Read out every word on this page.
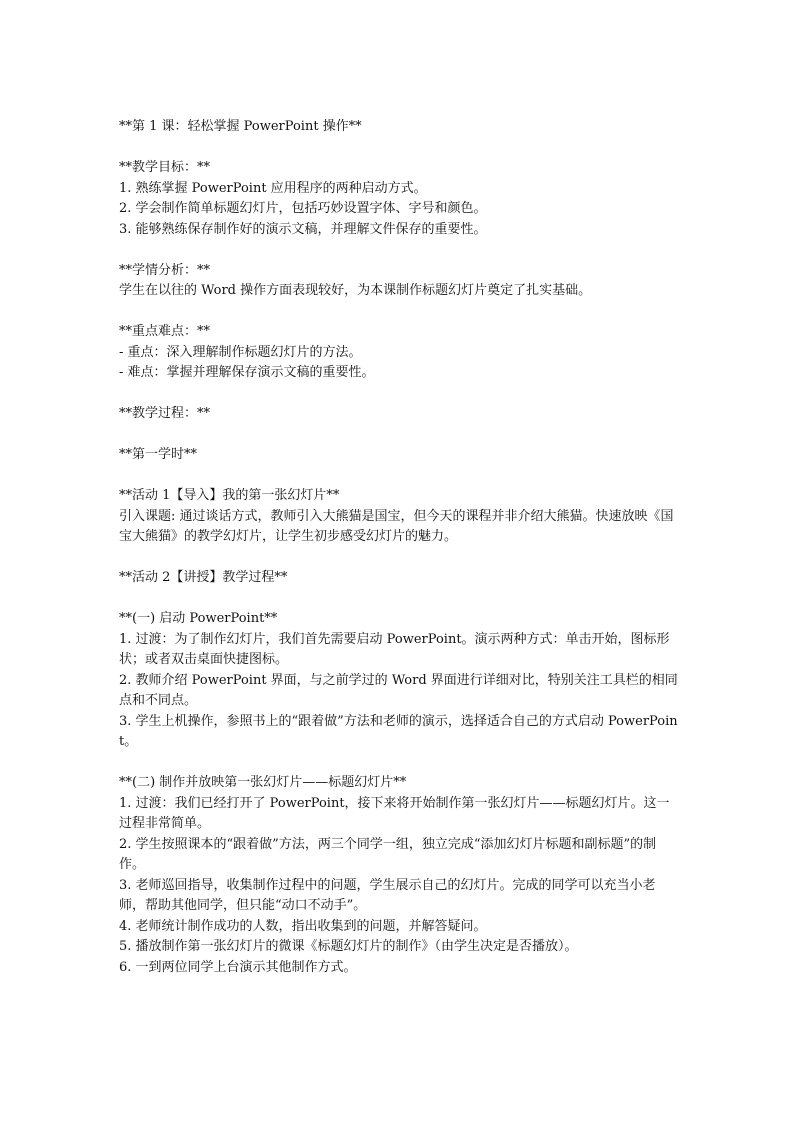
**第 1 课：轻松掌握 PowerPoint 操作**

**教学目标：**

1. 熟练掌握 PowerPoint 应用程序的两种启动方式。

2. 学会制作简单标题幻灯片，包括巧妙设置字体、字号和颜色。

3. 能够熟练保存制作好的演示文稿，并理解文件保存的重要性。

**学情分析：**

学生在以往的 Word 操作方面表现较好，为本课制作标题幻灯片奠定了扎实基础。

**重点难点：**

- 重点：深入理解制作标题幻灯片的方法。

- 难点：掌握并理解保存演示文稿的重要性。

**教学过程：**

**第一学时**

**活动 1【导入】我的第一张幻灯片**

引入课题: 通过谈话方式，教师引入大熊猫是国宝，但今天的课程并非介绍大熊猫。快速放映《国宝大熊猫》的教学幻灯片，让学生初步感受幻灯片的魅力。

**活动 2【讲授】教学过程**

**(一) 启动 PowerPoint**

1. 过渡：为了制作幻灯片，我们首先需要启动 PowerPoint。演示两种方式：单击开始，图标形状；或者双击桌面快捷图标。

2. 教师介绍 PowerPoint 界面，与之前学过的 Word 界面进行详细对比，特别关注工具栏的相同点和不同点。

3. 学生上机操作，参照书上的“跟着做”方法和老师的演示，选择适合自己的方式启动 PowerPoint。

**(二) 制作并放映第一张幻灯片——标题幻灯片**

1. 过渡：我们已经打开了 PowerPoint，接下来将开始制作第一张幻灯片——标题幻灯片。这一过程非常简单。

2. 学生按照课本的“跟着做”方法，两三个同学一组，独立完成“添加幻灯片标题和副标题”的制作。

3. 老师巡回指导，收集制作过程中的问题，学生展示自己的幻灯片。完成的同学可以充当小老师，帮助其他同学，但只能“动口不动手”。

4. 老师统计制作成功的人数，指出收集到的问题，并解答疑问。

5. 播放制作第一张幻灯片的微课《标题幻灯片的制作》（由学生决定是否播放）。

6. 一到两位同学上台演示其他制作方式。
